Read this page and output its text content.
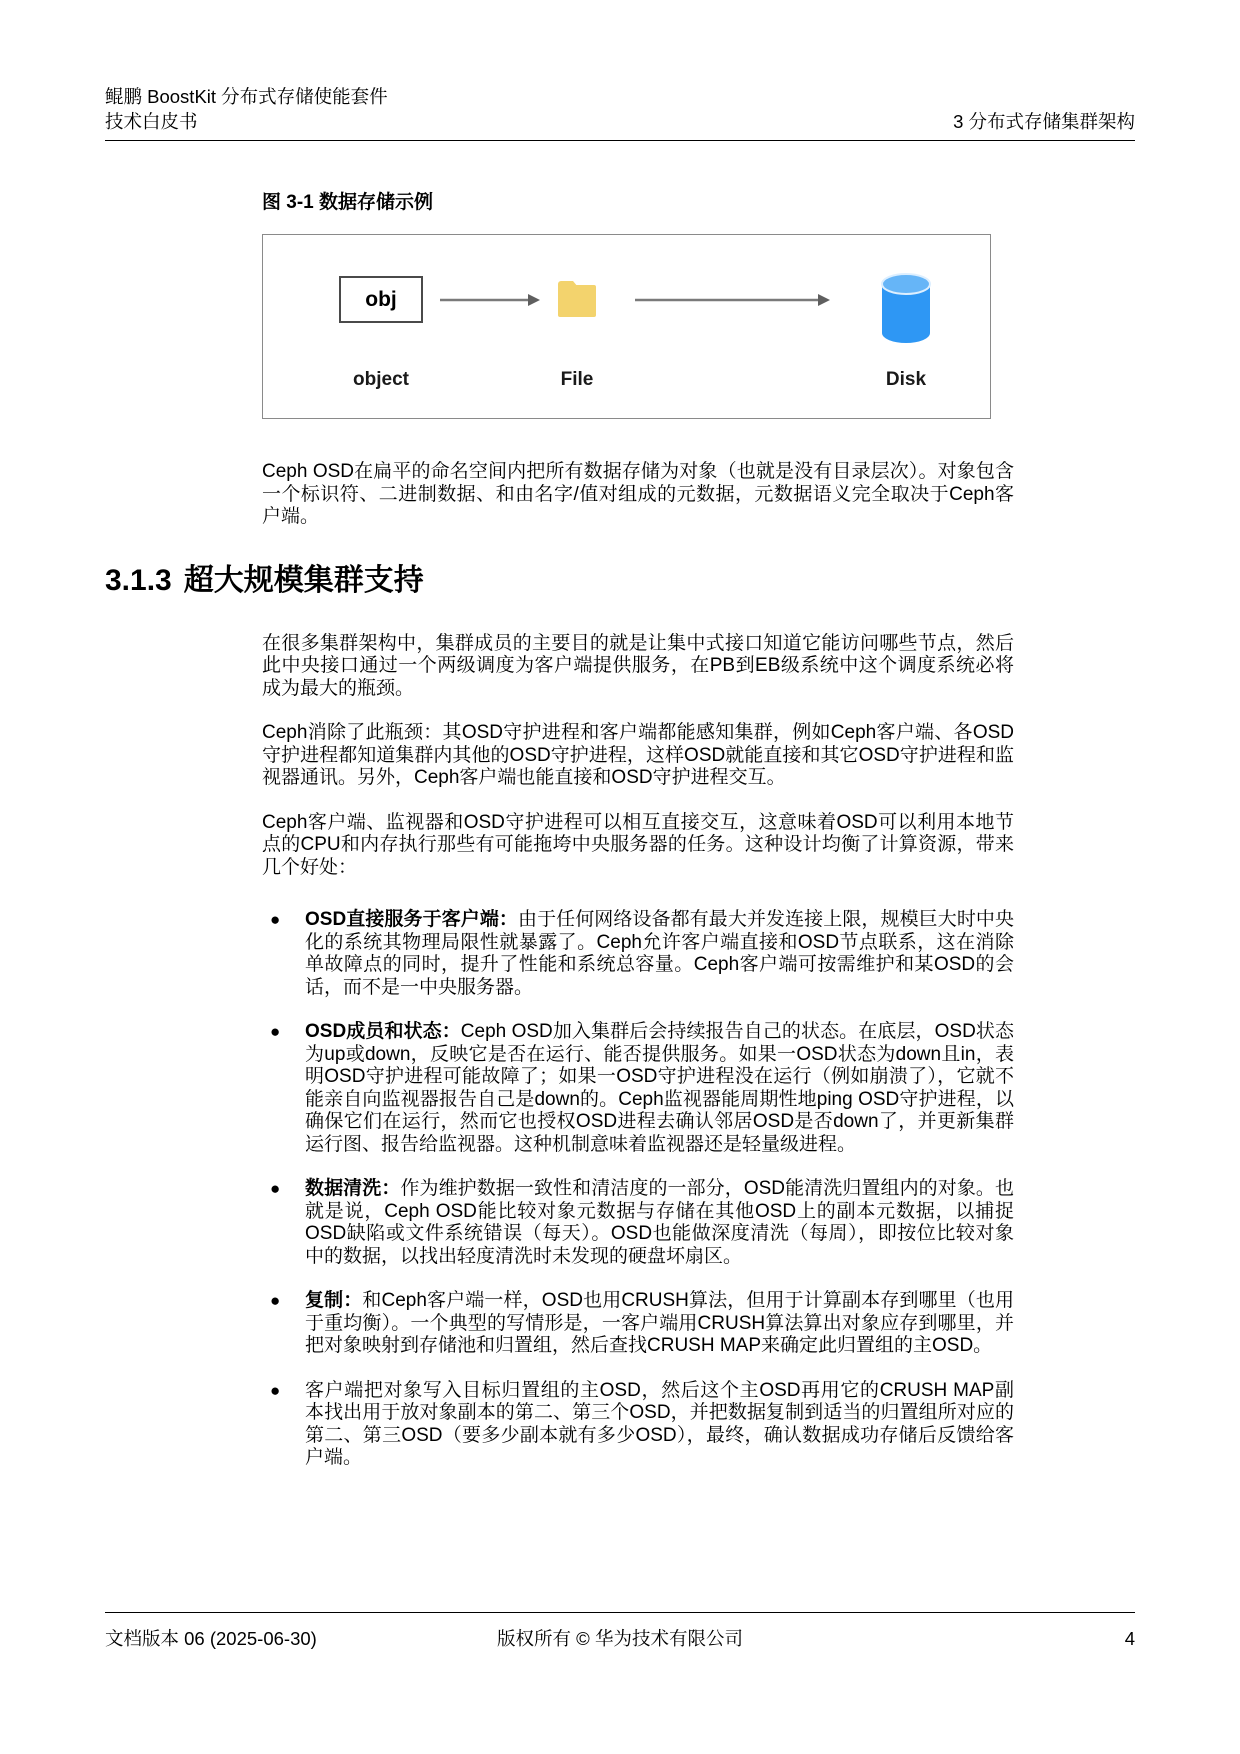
鲲鹏 BoostKit 分布式存储使能套件
技术白皮书	3 分布式存储集群架构
图 3-1 数据存储示例
obj
object	File	Disk

Ceph OSD在扁平的命名空间内把所有数据存储为对象（也就是没有目录层次）。对象包含一个标识符、二进制数据、和由名字/值对组成的元数据，元数据语义完全取决于Ceph客户端。

3.1.3 超大规模集群支持

在很多集群架构中，集群成员的主要目的就是让集中式接口知道它能访问哪些节点，然后此中央接口通过一个两级调度为客户端提供服务，在PB到EB级系统中这个调度系统必将成为最大的瓶颈。

Ceph消除了此瓶颈：其OSD守护进程和客户端都能感知集群，例如Ceph客户端、各OSD守护进程都知道集群内其他的OSD守护进程，这样OSD就能直接和其它OSD守护进程和监视器通讯。另外，Ceph客户端也能直接和OSD守护进程交互。

Ceph客户端、监视器和OSD守护进程可以相互直接交互，这意味着OSD可以利用本地节点的CPU和内存执行那些有可能拖垮中央服务器的任务。这种设计均衡了计算资源，带来几个好处：

● OSD直接服务于客户端：由于任何网络设备都有最大并发连接上限，规模巨大时中央化的系统其物理局限性就暴露了。Ceph允许客户端直接和OSD节点联系，这在消除单故障点的同时，提升了性能和系统总容量。Ceph客户端可按需维护和某OSD的会话，而不是一中央服务器。
● OSD成员和状态：Ceph OSD加入集群后会持续报告自己的状态。在底层，OSD状态为up或down，反映它是否在运行、能否提供服务。如果一OSD状态为down且in，表明OSD守护进程可能故障了；如果一OSD守护进程没在运行（例如崩溃了），它就不能亲自向监视器报告自己是down的。Ceph监视器能周期性地ping OSD守护进程，以确保它们在运行，然而它也授权OSD进程去确认邻居OSD是否down了，并更新集群运行图、报告给监视器。这种机制意味着监视器还是轻量级进程。
● 数据清洗：作为维护数据一致性和清洁度的一部分，OSD能清洗归置组内的对象。也就是说，Ceph OSD能比较对象元数据与存储在其他OSD上的副本元数据，以捕捉OSD缺陷或文件系统错误（每天）。OSD也能做深度清洗（每周），即按位比较对象中的数据，以找出轻度清洗时未发现的硬盘坏扇区。
● 复制：和Ceph客户端一样，OSD也用CRUSH算法，但用于计算副本存到哪里（也用于重均衡）。一个典型的写情形是，一客户端用CRUSH算法算出对象应存到哪里，并把对象映射到存储池和归置组，然后查找CRUSH MAP来确定此归置组的主OSD。
● 客户端把对象写入目标归置组的主OSD，然后这个主OSD再用它的CRUSH MAP副本找出用于放对象副本的第二、第三个OSD，并把数据复制到适当的归置组所对应的第二、第三OSD（要多少副本就有多少OSD），最终，确认数据成功存储后反馈给客户端。
文档版本 06 (2025-06-30)	版权所有 © 华为技术有限公司	4
